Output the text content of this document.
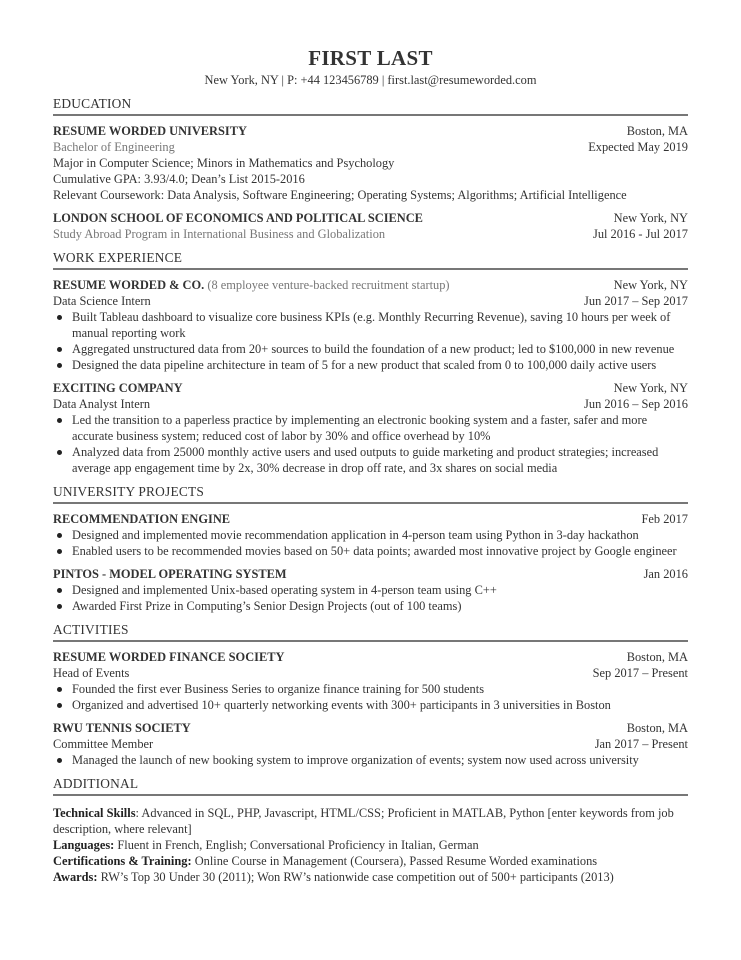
FIRST LAST
New York, NY | P: +44 123456789 | first.last@resumeworded.com
EDUCATION
RESUME WORDED UNIVERSITY	Boston, MA
Bachelor of Engineering	Expected May 2019
Major in Computer Science; Minors in Mathematics and Psychology
Cumulative GPA: 3.93/4.0; Dean’s List 2015-2016
Relevant Coursework: Data Analysis, Software Engineering; Operating Systems; Algorithms; Artificial Intelligence
LONDON SCHOOL OF ECONOMICS AND POLITICAL SCIENCE	New York, NY
Study Abroad Program in International Business and Globalization	Jul 2016 - Jul 2017
WORK EXPERIENCE
RESUME WORDED & CO. (8 employee venture-backed recruitment startup)	New York, NY
Data Science Intern	Jun 2017 – Sep 2017
Built Tableau dashboard to visualize core business KPIs (e.g. Monthly Recurring Revenue), saving 10 hours per week of manual reporting work
Aggregated unstructured data from 20+ sources to build the foundation of a new product; led to $100,000 in new revenue
Designed the data pipeline architecture in team of 5 for a new product that scaled from 0 to 100,000 daily active users
EXCITING COMPANY	New York, NY
Data Analyst Intern	Jun 2016 – Sep 2016
Led the transition to a paperless practice by implementing an electronic booking system and a faster, safer and more accurate business system; reduced cost of labor by 30% and office overhead by 10%
Analyzed data from 25000 monthly active users and used outputs to guide marketing and product strategies; increased average app engagement time by 2x, 30% decrease in drop off rate, and 3x shares on social media
UNIVERSITY PROJECTS
RECOMMENDATION ENGINE	Feb 2017
Designed and implemented movie recommendation application in 4-person team using Python in 3-day hackathon
Enabled users to be recommended movies based on 50+ data points; awarded most innovative project by Google engineer
PINTOS - MODEL OPERATING SYSTEM	Jan 2016
Designed and implemented Unix-based operating system in 4-person team using C++
Awarded First Prize in Computing’s Senior Design Projects (out of 100 teams)
ACTIVITIES
RESUME WORDED FINANCE SOCIETY	Boston, MA
Head of Events	Sep 2017 – Present
Founded the first ever Business Series to organize finance training for 500 students
Organized and advertised 10+ quarterly networking events with 300+ participants in 3 universities in Boston
RWU TENNIS SOCIETY	Boston, MA
Committee Member	Jan 2017 – Present
Managed the launch of new booking system to improve organization of events; system now used across university
ADDITIONAL
Technical Skills: Advanced in SQL, PHP, Javascript, HTML/CSS; Proficient in MATLAB, Python [enter keywords from job description, where relevant]
Languages: Fluent in French, English; Conversational Proficiency in Italian, German
Certifications & Training: Online Course in Management (Coursera), Passed Resume Worded examinations
Awards: RW’s Top 30 Under 30 (2011); Won RW’s nationwide case competition out of 500+ participants (2013)
